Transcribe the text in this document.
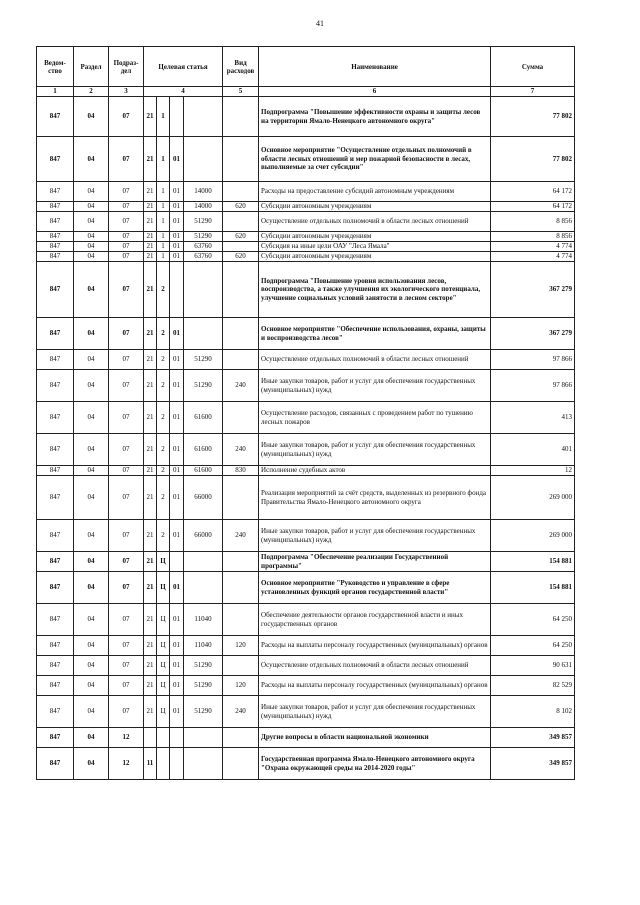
41
Ведом-ство	Раздел	Подраз-дел	Целевая статья				Вид расходов	Наименование	Сумма
1	2	3	4				5	6	7
847	04	07	21	1				Подпрограмма "Повышение эффективности охраны и защиты лесов на территории Ямало-Ненецкого автономного округа"	77 802
847	04	07	21	1	01			Основное мероприятие "Осуществление отдельных полномочий в области лесных отношений и мер пожарной безопасности в лесах, выполняемые за счет субсидии"	77 802
847	04	07	21	1	01	14000		Расходы на предоставление субсидий автономным учреждениям	64 172
847	04	07	21	1	01	14000	620	Субсидии автономным учреждениям	64 172
847	04	07	21	1	01	51290		Осуществление отдельных полномочий в области лесных отношений	8 856
847	04	07	21	1	01	51290	620	Субсидии автономным учреждениям	8 856
847	04	07	21	1	01	63760		Субсидия на иные цели ОАУ "Леса Ямала"	4 774
847	04	07	21	1	01	63760	620	Субсидии автономным учреждениям	4 774
847	04	07	21	2				Подпрограмма "Повышение уровня использования лесов, воспроизводства, а также улучшения их экологического потенциала, улучшение социальных условий занятости в лесном секторе"	367 279
847	04	07	21	2	01			Основное мероприятие "Обеспечение использования, охраны, защиты и воспроизводства лесов"	367 279
847	04	07	21	2	01	51290		Осуществление отдельных полномочий в области лесных отношений	97 866
847	04	07	21	2	01	51290	240	Иные закупки товаров, работ и услуг для обеспечения государственных (муниципальных) нужд	97 866
847	04	07	21	2	01	61600		Осуществление расходов, связанных с проведением работ по тушению лесных пожаров	413
847	04	07	21	2	01	61600	240	Иные закупки товаров, работ и услуг для обеспечения государственных (муниципальных) нужд	401
847	04	07	21	2	01	61600	830	Исполнение судебных актов	12
847	04	07	21	2	01	66000		Реализация мероприятий за счёт средств, выделенных из резервного фонда Правительства Ямало-Ненецкого автономного округа	269 000
847	04	07	21	2	01	66000	240	Иные закупки товаров, работ и услуг для обеспечения государственных (муниципальных) нужд	269 000
847	04	07	21	Ц				Подпрограмма "Обеспечение реализации Государственной программы"	154 881
847	04	07	21	Ц	01			Основное мероприятие "Руководство и управление в сфере установленных функций органов государственной власти"	154 881
847	04	07	21	Ц	01	11040		Обеспечение деятельности органов государственной власти и иных государственных органов	64 250
847	04	07	21	Ц	01	11040	120	Расходы на выплаты персоналу государственных (муниципальных) органов	64 250
847	04	07	21	Ц	01	51290		Осуществление отдельных полномочий в области лесных отношений	90 631
847	04	07	21	Ц	01	51290	120	Расходы на выплаты персоналу государственных (муниципальных) органов	82 529
847	04	07	21	Ц	01	51290	240	Иные закупки товаров, работ и услуг для обеспечения государственных (муниципальных) нужд	8 102
847	04	12						Другие вопросы в области национальной экономики	349 857
847	04	12	11					Государственная программа Ямало-Ненецкого автономного округа "Охрана окружающей среды на 2014-2020 годы"	349 857
